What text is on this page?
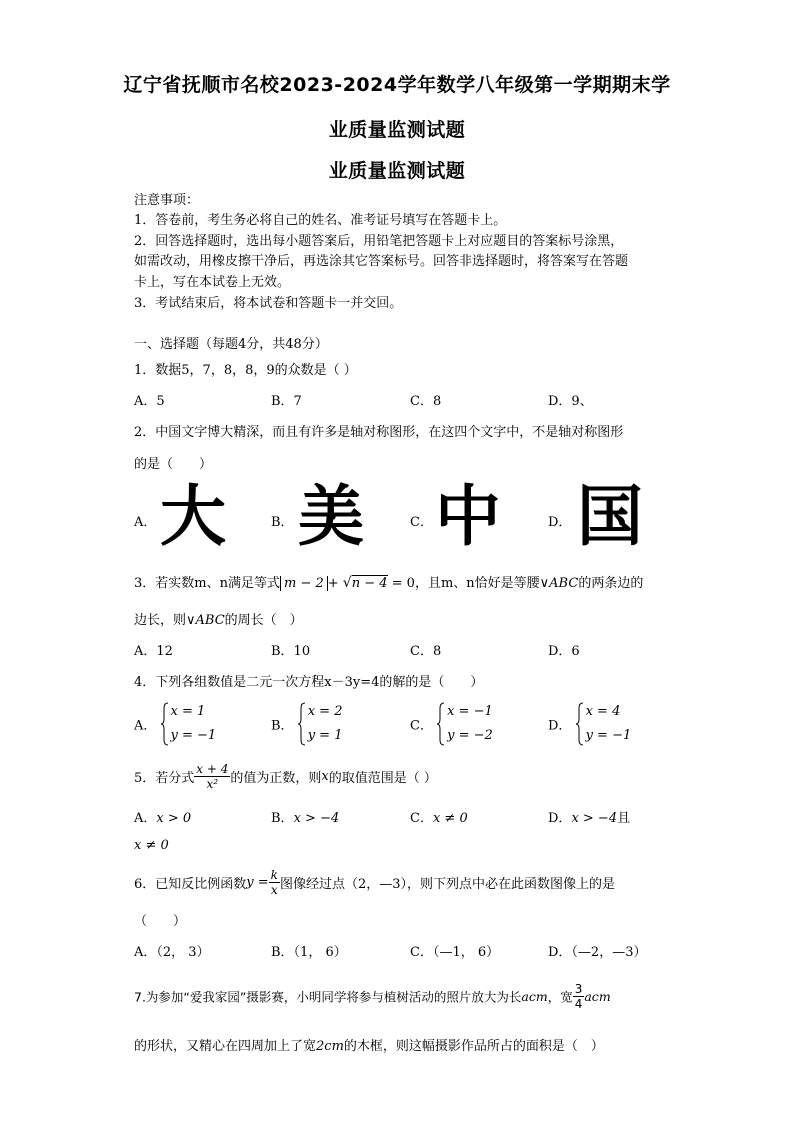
辽宁省抚顺市名校2023-2024学年数学八年级第一学期期末学
业质量监测试题
业质量监测试题
注意事项：
1．答卷前，考生务必将自己的姓名、准考证号填写在答题卡上。
2．回答选择题时，选出每小题答案后，用铅笔把答题卡上对应题目的答案标号涂黑，
如需改动，用橡皮擦干净后，再选涂其它答案标号。回答非选择题时，将答案写在答题
卡上，写在本试卷上无效。
3．考试结束后，将本试卷和答题卡一并交回。
一、选择题（每题4分，共48分）
1．数据5，7，8，8，9的众数是（ ）
A．5	B．7	C．8	D．9、
2．中国文字博大精深，而且有许多是轴对称图形，在这四个文字中，不是轴对称图形
的是（　　）
A． 大	B． 美	C． 中	D． 国
3．若实数m、n满足等式 m − 2 + √n − 4 = 0，且m、n恰好是等腰∨ABC的两条边的
边长，则∨ABC的周长（　）
A．12	B．10	C．8	D．6
4．下列各组数值是二元一次方程x－3y=4的解的是（　　）
A．
x = 1
y = −1
B．
x = 2
y = 1
C．
x = −1
y = −2
D．
x = 4
y = −1
5．若分式 $\frac{x + 4}{\text{x²}}$ 的值为正数，则x的取值范围是（ ）
A．x > 0	B．x > −4	C．x ≠ 0	D．x > −4且
x ≠ 0
6．已知反比例函数$y = \frac{k}{x}$ 图像经过点（2，—3），则下列点中必在此函数图像上的是
（　　）
A．（2， 3）	B．（1， 6）	C．（—1， 6）	D．（—2，—3）
7.为参加“爱我家园”摄影赛，小明同学将参与植树活动的照片放大为长acm，宽 $\frac{3}{4}$ acm
的形状，又精心在四周加上了宽2cm的木框，则这幅摄影作品所占的面积是（　）
